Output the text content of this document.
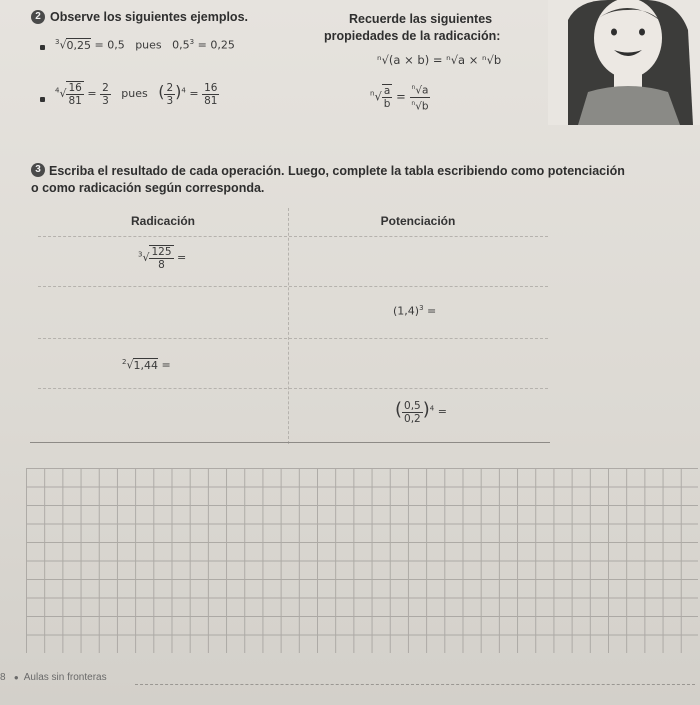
2 Observe los siguientes ejemplos.
$^3$√0,25 = 0,5 pues $0,5^3 = 0,25$
$^4√ \frac{16}{81} = \frac{2}{3}$ pues ( $\frac{2}{3} )^4 = \frac{16}{81}$
Recuerde las siguientes
propiedades de la radicación:
ⁿ√(a × b) = ⁿ√a × ⁿ√b
$^n√ \frac{a}{b} = \frac{^n√a}{^n√b}$
3 Escriba el resultado de cada operación. Luego, complete la tabla escribiendo como potenciación
o como radicación según corresponda.
Radicación	Potenciación
$^3√ \frac{125}{8}$ =
$(1,4)^3$ =
$^2$√1,44 =
( $\frac{0,5}{0,2} )^4$ =
8 ● Aulas sin fronteras
